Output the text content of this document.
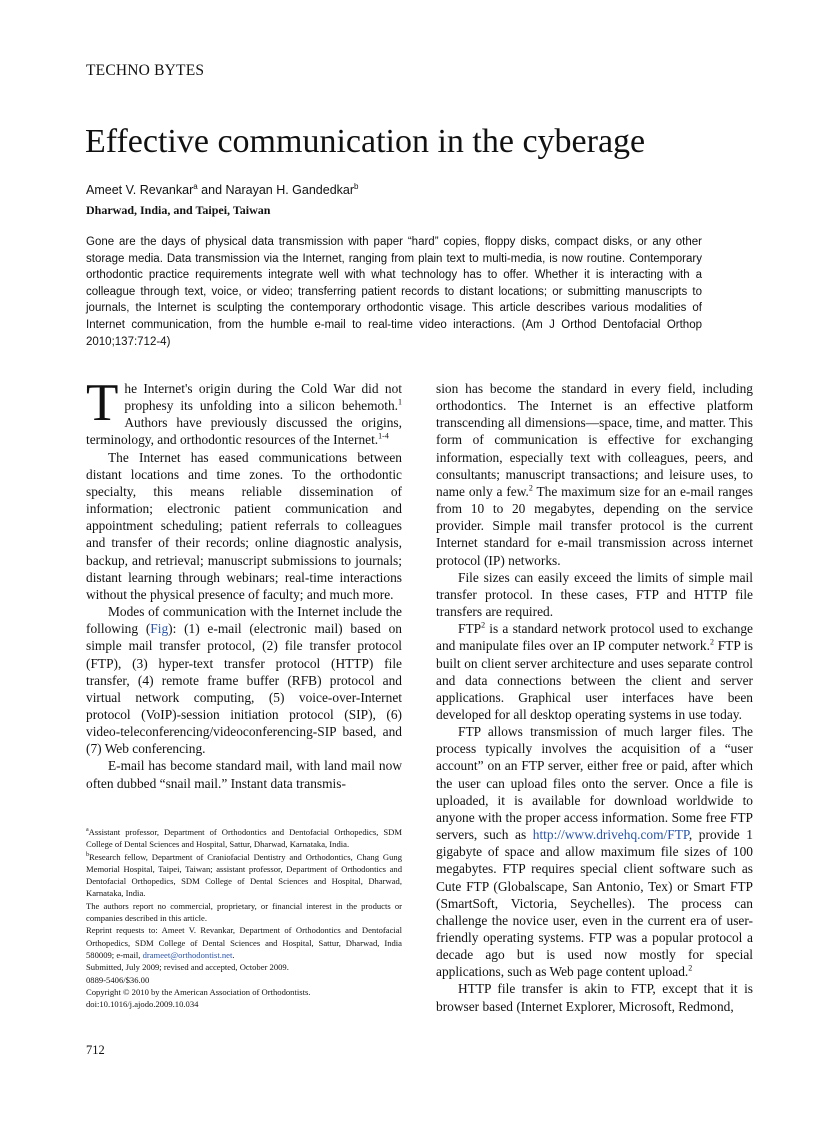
TECHNO BYTES
Effective communication in the cyberage
Ameet V. Revankar$^a$ and Narayan H. Gandedkar$^b$
Dharwad, India, and Taipei, Taiwan

Gone are the days of physical data transmission with paper “hard” copies, floppy disks, compact disks, or any other storage media. Data transmission via the Internet, ranging from plain text to multi-media, is now routine. Contemporary orthodontic practice requirements integrate well with what technology has to offer. Whether it is interacting with a colleague through text, voice, or video; transferring patient records to distant locations; or submitting manuscripts to journals, the Internet is sculpting the contemporary orthodontic visage. This article describes various modalities of Internet communication, from the humble e-mail to real-time video interactions. (Am J Orthod Dentofacial Orthop 2010;137:712-4)

The Internet's origin during the Cold War did not prophesy its unfolding into a silicon behemoth.$^1$ Authors have previously discussed the origins, terminology, and orthodontic resources of the Internet.$^{1-4}$

The Internet has eased communications between distant locations and time zones. To the orthodontic specialty, this means reliable dissemination of information; electronic patient communication and appointment scheduling; patient referrals to colleagues and transfer of their records; online diagnostic analysis, backup, and retrieval; manuscript submissions to journals; distant learning through webinars; real-time interactions without the physical presence of faculty; and much more.

Modes of communication with the Internet include the following (Fig): (1) e-mail (electronic mail) based on simple mail transfer protocol, (2) file transfer protocol (FTP), (3) hyper-text transfer protocol (HTTP) file transfer, (4) remote frame buffer (RFB) protocol and virtual network computing, (5) voice-over-Internet protocol (VoIP)-session initiation protocol (SIP), (6) video-teleconferencing/videoconferencing-SIP based, and (7) Web conferencing.

E-mail has become standard mail, with land mail now often dubbed “snail mail.” Instant data transmis-

$^a$Assistant professor, Department of Orthodontics and Dentofacial Orthopedics, SDM College of Dental Sciences and Hospital, Sattur, Dharwad, Karnataka, India.

$^b$Research fellow, Department of Craniofacial Dentistry and Orthodontics, Chang Gung Memorial Hospital, Taipei, Taiwan; assistant professor, Department of Orthodontics and Dentofacial Orthopedics, SDM College of Dental Sciences and Hospital, Dharwad, Karnataka, India.

The authors report no commercial, proprietary, or financial interest in the products or companies described in this article.

Reprint requests to: Ameet V. Revankar, Department of Orthodontics and Dentofacial Orthopedics, SDM College of Dental Sciences and Hospital, Sattur, Dharwad, India 580009; e-mail, drameet@orthodontist.net.

Submitted, July 2009; revised and accepted, October 2009.

0889-5406/$36.00

Copyright © 2010 by the American Association of Orthodontists.

doi:10.1016/j.ajodo.2009.10.034

712

sion has become the standard in every field, including orthodontics. The Internet is an effective platform transcending all dimensions—space, time, and matter. This form of communication is effective for exchanging information, especially text with colleagues, peers, and consultants; manuscript transactions; and leisure uses, to name only a few.$^2$ The maximum size for an e-mail ranges from 10 to 20 megabytes, depending on the service provider. Simple mail transfer protocol is the current Internet standard for e-mail transmission across internet protocol (IP) networks.

File sizes can easily exceed the limits of simple mail transfer protocol. In these cases, FTP and HTTP file transfers are required.

FTP$^2$ is a standard network protocol used to exchange and manipulate files over an IP computer network.$^2$ FTP is built on client server architecture and uses separate control and data connections between the client and server applications. Graphical user interfaces have been developed for all desktop operating systems in use today.

FTP allows transmission of much larger files. The process typically involves the acquisition of a “user account” on an FTP server, either free or paid, after which the user can upload files onto the server. Once a file is uploaded, it is available for download worldwide to anyone with the proper access information. Some free FTP servers, such as http://www.drivehq.com/FTP, provide 1 gigabyte of space and allow maximum file sizes of 100 megabytes. FTP requires special client software such as Cute FTP (Globalscape, San Antonio, Tex) or Smart FTP (SmartSoft, Victoria, Seychelles). The process can challenge the novice user, even in the current era of user-friendly operating systems. FTP was a popular protocol a decade ago but is used now mostly for special applications, such as Web page content upload.$^2$

HTTP file transfer is akin to FTP, except that it is browser based (Internet Explorer, Microsoft, Redmond,
